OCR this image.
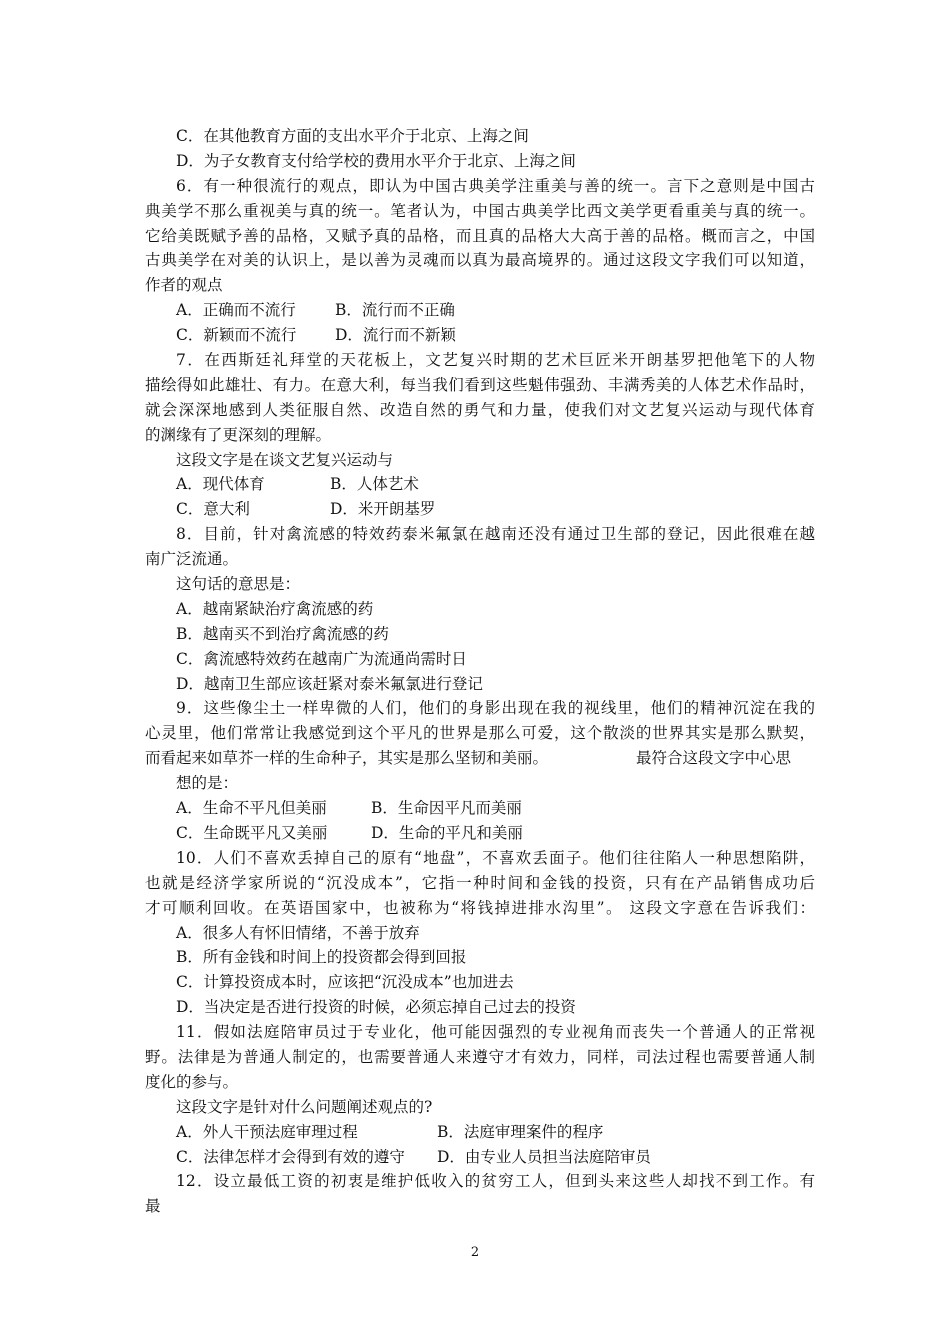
C．在其他教育方面的支出水平介于北京、上海之间
D．为子女教育支付给学校的费用水平介于北京、上海之间
6．有一种很流行的观点，即认为中国古典美学注重美与善的统一。言下之意则是中国古
典美学不那么重视美与真的统一。笔者认为，中国古典美学比西文美学更看重美与真的统一。
它给美既赋予善的品格，又赋予真的品格，而且真的品格大大高于善的品格。概而言之，中国
古典美学在对美的认识上，是以善为灵魂而以真为最高境界的。通过这段文字我们可以知道，
作者的观点
A．正确而不流行	B．流行而不正确
C．新颖而不流行	D．流行而不新颖
7．在西斯廷礼拜堂的天花板上，文艺复兴时期的艺术巨匠米开朗基罗把他笔下的人物
描绘得如此雄壮、有力。在意大利，每当我们看到这些魁伟强劲、丰满秀美的人体艺术作品时，
就会深深地感到人类征服自然、改造自然的勇气和力量，使我们对文艺复兴运动与现代体育
的渊缘有了更深刻的理解。
这段文字是在谈文艺复兴运动与
A．现代体育	B．人体艺术
C．意大利	D．米开朗基罗
8．目前，针对禽流感的特效药泰米氟氯在越南还没有通过卫生部的登记，因此很难在越
南广泛流通。
这句话的意思是：
A．越南紧缺治疗禽流感的药
B．越南买不到治疗禽流感的药
C．禽流感特效药在越南广为流通尚需时日
D．越南卫生部应该赶紧对泰米氟氯进行登记
9．这些像尘土一样卑微的人们，他们的身影出现在我的视线里，他们的精神沉淀在我的
心灵里，他们常常让我感觉到这个平凡的世界是那么可爱，这个散淡的世界其实是那么默契，
而看起来如草芥一样的生命种子，其实是那么坚韧和美丽。	最符合这段文字中心思
想的是：
A．生命不平凡但美丽	B．生命因平凡而美丽
C．生命既平凡又美丽	D．生命的平凡和美丽
10．人们不喜欢丢掉自己的原有“地盘”，不喜欢丢面子。他们往往陷人一种思想陷阱，
也就是经济学家所说的“沉没成本”，它指一种时间和金钱的投资，只有在产品销售成功后
才可顺利回收。在英语国家中，也被称为“将钱掉进排水沟里”。 这段文字意在告诉我们：
A．很多人有怀旧情绪，不善于放弃
B．所有金钱和时间上的投资都会得到回报
C．计算投资成本时，应该把“沉没成本”也加进去
D．当决定是否进行投资的时候，必须忘掉自己过去的投资
11．假如法庭陪审员过于专业化，他可能因强烈的专业视角而丧失一个普通人的正常视
野。法律是为普通人制定的，也需要普通人来遵守才有效力，同样，司法过程也需要普通人制
度化的参与。
这段文字是针对什么问题阐述观点的?
A．外人干预法庭审理过程	B．法庭审理案件的程序
C．法律怎样才会得到有效的遵守	D．由专业人员担当法庭陪审员
12．设立最低工资的初衷是维护低收入的贫穷工人，但到头来这些人却找不到工作。有
最
2
